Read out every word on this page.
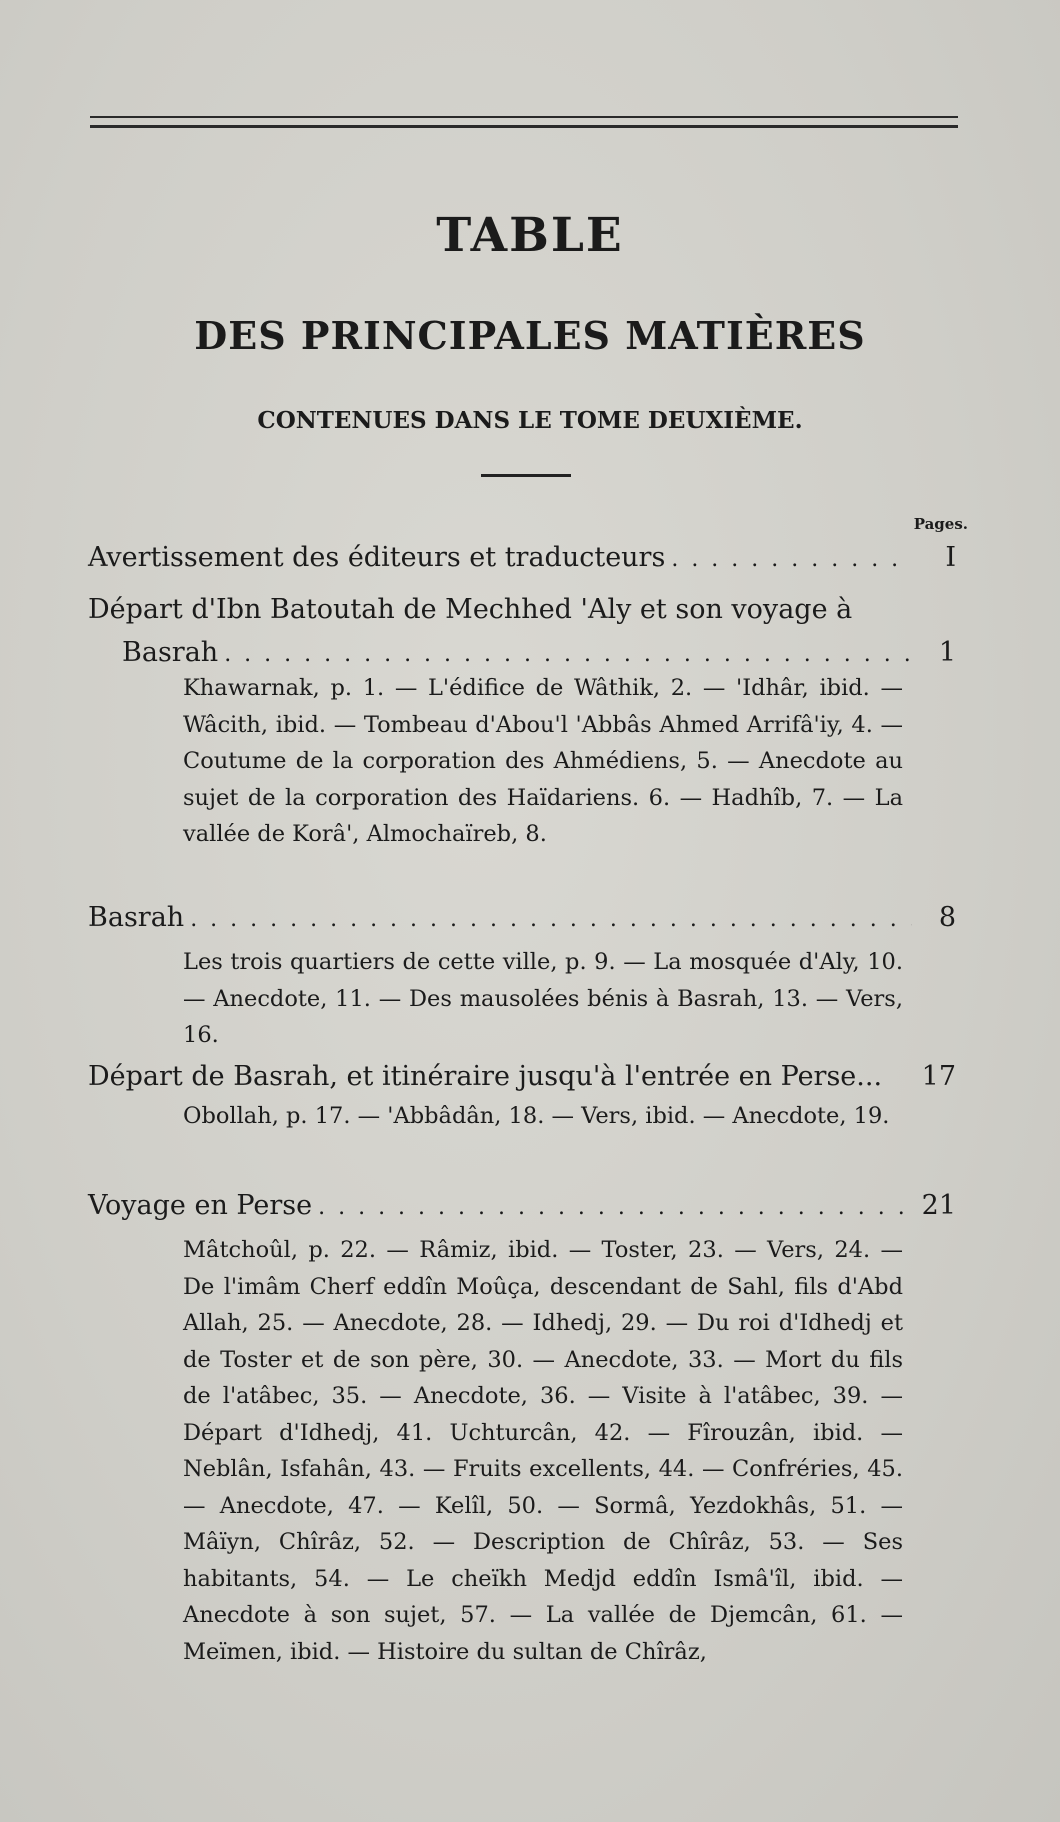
TABLE
DES PRINCIPALES MATIÈRES
CONTENUES DANS LE TOME DEUXIÈME.
Pages.
Avertissement des éditeurs et traducteurs . . .	I
Départ d'Ibn Batoutah de Mechhed 'Aly et son voyage à
Basrah . . .	1
Khawarnak, p. 1. — L'édifice de Wâthik, 2. — 'Idhâr, ibid. — Wâcith, ibid. — Tombeau d'Abou'l 'Abbâs Ahmed Arrifâ'iy, 4. — Coutume de la corporation des Ahmédiens, 5. — Anecdote au sujet de la corporation des Haïdariens. 6. — Hadhîb, 7. — La vallée de Korâ', Almochaïreb, 8.
Basrah . . .	8
Les trois quartiers de cette ville, p. 9. — La mosquée d'Aly, 10. — Anecdote, 11. — Des mausolées bénis à Basrah, 13. — Vers, 16.
Départ de Basrah, et itinéraire jusqu'à l'entrée en Perse... 17
Obollah, p. 17. — 'Abbâdân, 18. — Vers, ibid. — Anecdote, 19.
Voyage en Perse . . .	21
Mâtchoûl, p. 22. — Râmiz, ibid. — Toster, 23. — Vers, 24. — De l'imâm Cherf eddîn Moûça, descendant de Sahl, fils d'Abd Allah, 25. — Anecdote, 28. — Idhedj, 29. — Du roi d'Idhedj et de Toster et de son père, 30. — Anecdote, 33. — Mort du fils de l'atâbec, 35. — Anecdote, 36. — Visite à l'atâbec, 39. — Départ d'Idhedj, 41. Uchturcân, 42. — Fîrouzân, ibid. — Neblân, Isfahân, 43. — Fruits excellents, 44. — Confréries, 45. — Anecdote, 47. — Kelîl, 50. — Sormâ, Yezdokhâs, 51. — Mâïyn, Chîrâz, 52. — Description de Chîrâz, 53. — Ses habitants, 54. — Le cheïkh Medjd eddîn Ismâ'îl, ibid. — Anecdote à son sujet, 57. — La vallée de Djemcân, 61. — Meïmen, ibid. — Histoire du sultan de Chîrâz,
